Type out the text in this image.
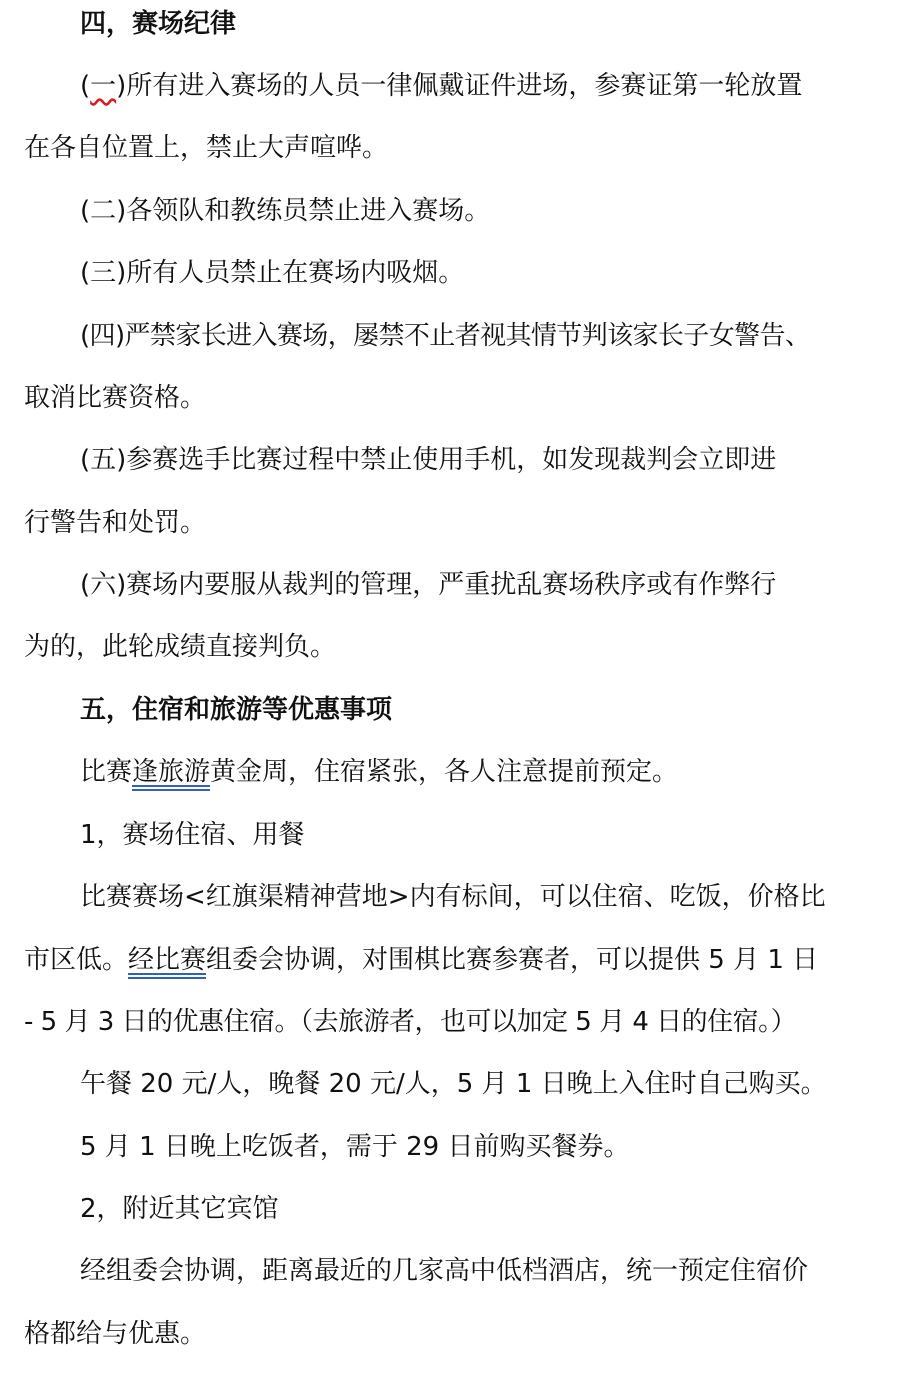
四，赛场纪律
(一)所有进入赛场的人员一律佩戴证件进场，参赛证第一轮放置
在各自位置上，禁止大声喧哗。
(二)各领队和教练员禁止进入赛场。
(三)所有人员禁止在赛场内吸烟。
(四)严禁家长进入赛场，屡禁不止者视其情节判该家长子女警告、
取消比赛资格。
(五)参赛选手比赛过程中禁止使用手机，如发现裁判会立即进
行警告和处罚。
(六)赛场内要服从裁判的管理，严重扰乱赛场秩序或有作弊行
为的，此轮成绩直接判负。
五，住宿和旅游等优惠事项
比赛逢旅游黄金周，住宿紧张，各人注意提前预定。
1，赛场住宿、用餐
比赛赛场<红旗渠精神营地>内有标间，可以住宿、吃饭，价格比
市区低。经比赛组委会协调，对围棋比赛参赛者，可以提供 5 月 1 日
- 5 月 3 日的优惠住宿。（去旅游者，也可以加定 5 月 4 日的住宿。）
午餐 20 元/人，晚餐 20 元/人，5 月 1 日晚上入住时自己购买。
5 月 1 日晚上吃饭者，需于 29 日前购买餐券。
2，附近其它宾馆
经组委会协调，距离最近的几家高中低档酒店，统一预定住宿价
格都给与优惠。
